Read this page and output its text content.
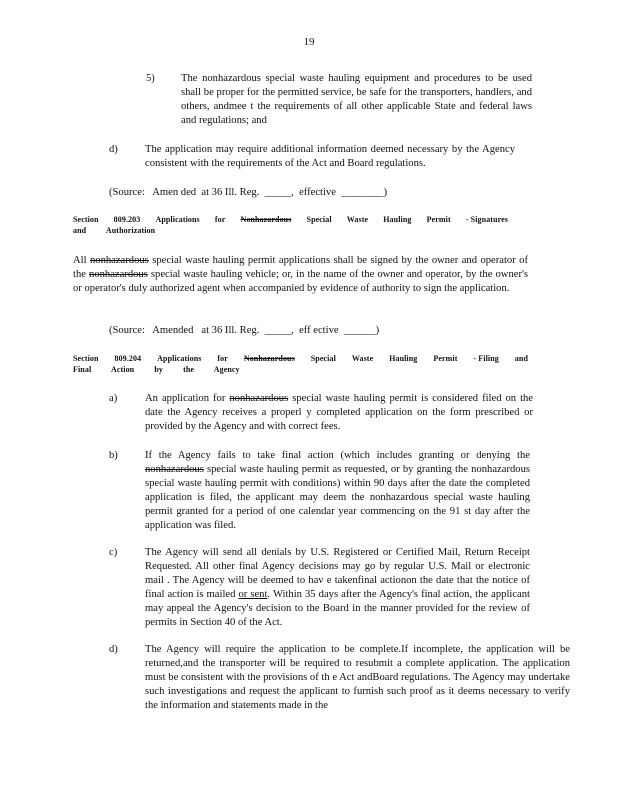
19
5) The nonhazardous special waste hauling equipment and procedures to be used shall be proper for the permitted service, be safe for the transporters, handlers, and others, andmee t the requirements of all other applicable State and federal laws and regulations; and
d)	The application may require additional information deemed necessary by the Agency consistent with the requirements of the Act and Board regulations.
(Source:   Amen ded  at 36 Ill. Reg.  _____,  effective  ________)
Section 809.203 Applications for Nonhazardous Special Waste Hauling Permit - Signatures
and Authorization
All nonhazardous special waste hauling permit applications shall be signed by the owner and operator of the nonhazardous special waste hauling vehicle; or, in the name of the owner and operator, by the owner's or operator's duly authorized agent when accompanied by evidence of authority to sign the application.
(Source:   Amended   at 36 Ill. Reg.  _____,  eff ective  ______)
Section 809.204 Applications for Nonhazardous Special Waste Hauling Permit - Filing and
Final Action	by	the Agency
a)	An application for nonhazardous special waste hauling permit is considered filed on the date the Agency receives a properl y completed application on the form prescribed or provided by the Agency and with correct fees.
b)	If the Agency fails to take final action (which includes granting or denying the nonhazardous special waste hauling permit as requested, or by granting the nonhazardous special waste hauling permit with conditions) within 90 days after the date the completed application is filed, the applicant may deem the nonhazardous special waste hauling permit granted for a period of one calendar year commencing on the 91 st day after the application was filed.
c)	The Agency will send all denials by U.S. Registered or Certified Mail, Return Receipt Requested. All other final Agency decisions may go by regular U.S. Mail or electronic mail . The Agency will be deemed to hav e takenfinal actionon the date that the notice of final action is mailed or sent. Within 35 days after the Agency's final action, the applicant may appeal the Agency's decision to the Board in the manner provided for the review of permits in Section 40 of the Act.
d)	The Agency will require the application to be complete.If incomplete, the application will be returned,and the transporter will be required to resubmit a complete application. The application must be consistent with the provisions of th e Act andBoard regulations. The Agency may undertake such investigations and request the applicant to furnish such proof as it deems necessary to verify the information and statements made in the
